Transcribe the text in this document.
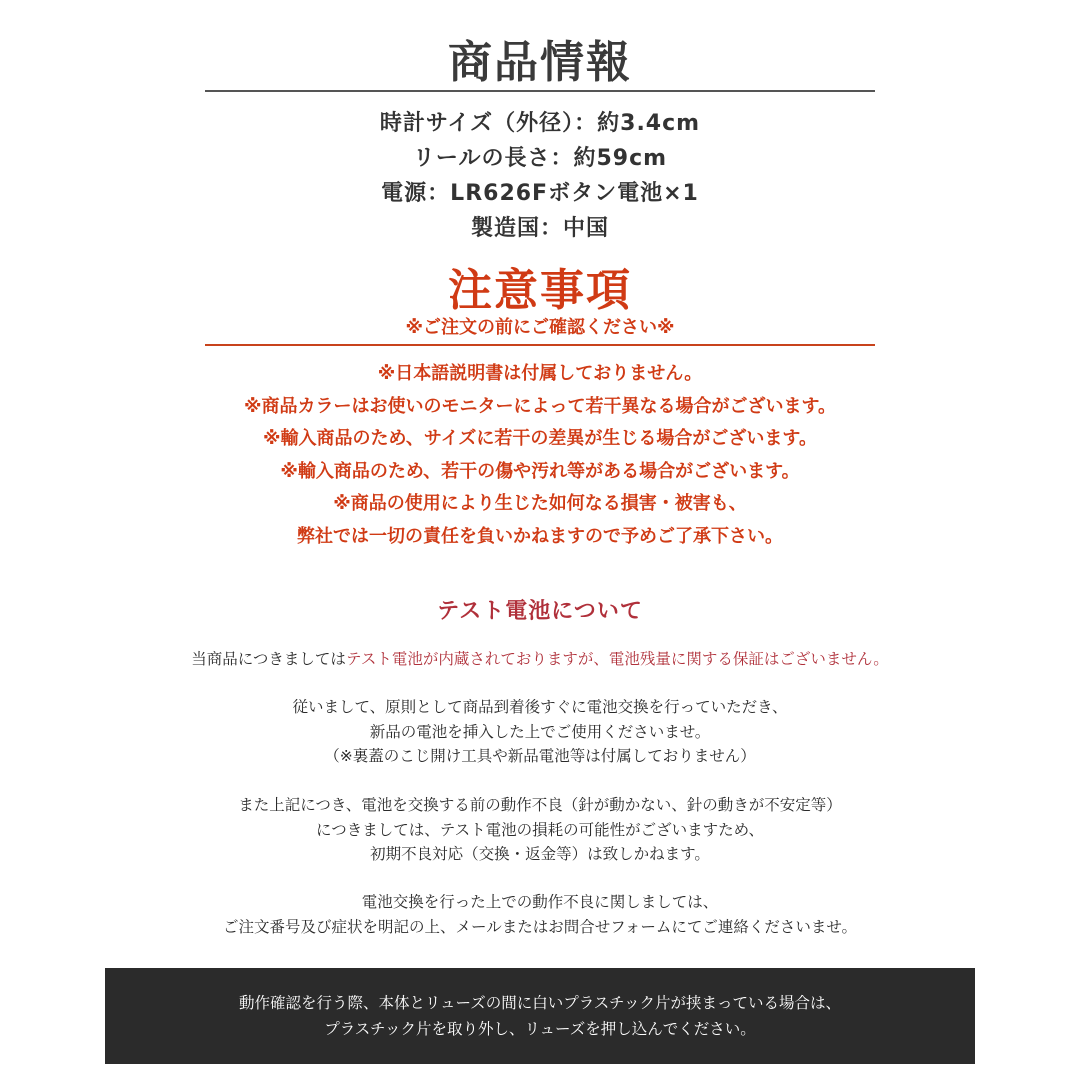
商品情報

時計サイズ（外径）：約3.4cm

リールの長さ：約59cm

電源：LR626Fボタン電池×1

製造国：中国

注意事項

※ご注文の前にご確認ください※

※日本語説明書は付属しておりません。

※商品カラーはお使いのモニターによって若干異なる場合がございます。

※輸入商品のため、サイズに若干の差異が生じる場合がございます。

※輸入商品のため、若干の傷や汚れ等がある場合がございます。

※商品の使用により生じた如何なる損害・被害も、

弊社では一切の責任を負いかねますので予めご了承下さい。

テスト電池について

当商品につきましてはテスト電池が内蔵されておりますが、電池残量に関する保証はございません。

従いまして、原則として商品到着後すぐに電池交換を行っていただき、
新品の電池を挿入した上でご使用くださいませ。
（※裏蓋のこじ開け工具や新品電池等は付属しておりません）

また上記につき、電池を交換する前の動作不良（針が動かない、針の動きが不安定等）
につきましては、テスト電池の損耗の可能性がございますため、
初期不良対応（交換・返金等）は致しかねます。

電池交換を行った上での動作不良に関しましては、
ご注文番号及び症状を明記の上、メールまたはお問合せフォームにてご連絡くださいませ。

動作確認を行う際、本体とリューズの間に白いプラスチック片が挟まっている場合は、
プラスチック片を取り外し、リューズを押し込んでください。
